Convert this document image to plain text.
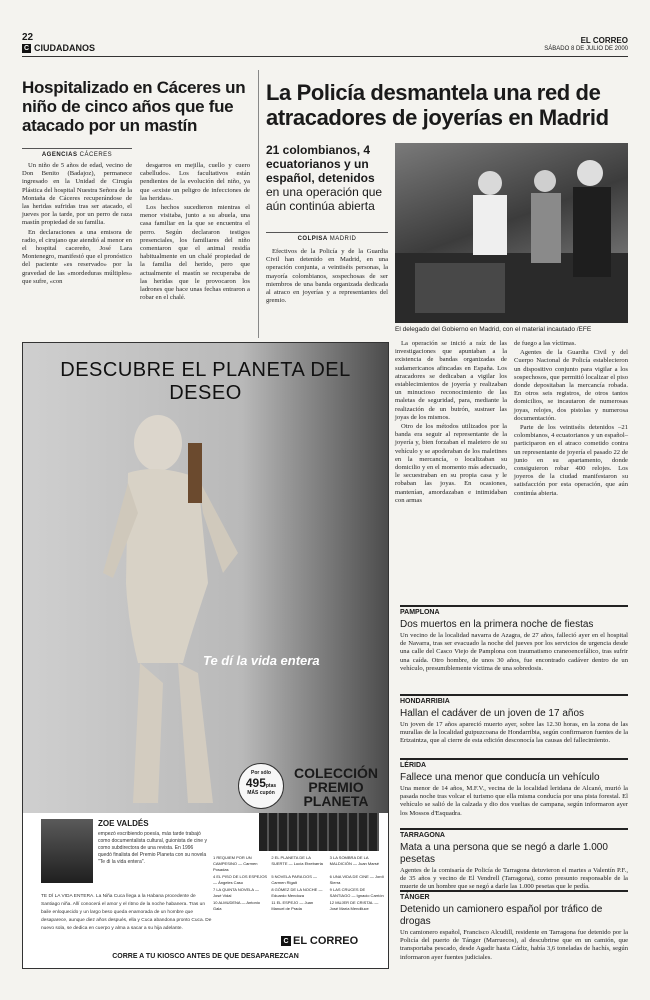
22
C CIUDADANOS
EL CORREO
SÁBADO 8 DE JULIO DE 2000
Hospitalizado en Cáceres un niño de cinco años que fue atacado por un mastín
AGENCIAS CÁCERES

Un niño de 5 años de edad, vecino de Don Benito (Badajoz), permanece ingresado en la Unidad de Cirugía Plástica del hospital Nuestra Señora de la Montaña de Cáceres recuperándose de las heridas sufridas tras ser atacado, el jueves por la tarde, por un perro de raza mastín propiedad de su familia.

En declaraciones a una emisora de radio, el cirujano que atendió al menor en el hospital cacereño, José Lara Montenegro, manifestó que el pronóstico del paciente «es reservado» por la gravedad de las «mordeduras múltiples» que sufre, «con

desgarros en mejilla, cuello y cuero cabelludo». Los facultativos están pendientes de la evolución del niño, ya que «existe un peligro de infecciones de las heridas».

Los hechos sucedieron mientras el menor visitaba, junto a su abuela, una casa familiar en la que se encuentra el perro. Según declararon testigos presenciales, los familiares del niño comentaron que el animal residía habitualmente en un chalé propiedad de la familia del herido, pero que actualmente el mastín se recuperaba de las heridas que le provocaron los ladrones que hace unas fechas entraron a robar en el chalé.

La Policía desmantela una red de atracadores de joyerías en Madrid
21 colombianos, 4 ecuatorianos y un español, detenidos en una operación que aún continúa abierta
COLPISA MADRID

Efectivos de la Policía y de la Guardia Civil han detenido en Madrid, en una operación conjunta, a veintiséis personas, la mayoría colombianos, sospechosas de ser miembros de una banda organizada dedicada al atraco en joyerías y a representantes del gremio.

El delegado del Gobierno en Madrid, con el material incautado /EFE

La operación se inició a raíz de las investigaciones que apuntaban a la existencia de bandas organizadas de sudamericanos afincadas en España. Los atracadores se dedicaban a vigilar los establecimientos de joyería y realizaban un minucioso reconocimiento de las maletas de seguridad, para, mediante la realización de un butrón, sustraer las joyas de los mismos.

Otro de los métodos utilizados por la banda era seguir al representante de la joyería y, bien forzaban el maletero de su vehículo y se apoderaban de los maletines en la mercancía, o localizaban su domicilio y en el momento más adecuado, le secuestraban en su propia casa y le robaban las joyas. En ocasiones, mantenían, amordazaban e intimidaban con armas

de fuego a las víctimas.

Agentes de la Guardia Civil y del Cuerpo Nacional de Policía establecieron un dispositivo conjunto para vigilar a los sospechosos, que permitió localizar el piso donde depositaban la mercancía robada. En otros seis registros, de otros tantos domicilios, se incautaron de numerosas joyas, relojes, dos pistolas y numerosa documentación.

Parte de los veintiséis detenidos –21 colombianos, 4 ecuatorianos y un español– participaron en el atraco cometido contra un representante de joyería el pasado 22 de junio en su apartamento, donde consiguieron robar 400 relojes. Los joyeros de la ciudad manifestaron su satisfacción por esta operación, que aún continúa abierta.

DESCUBRE EL PLANETA DEL DESEO
Te dí la vida entera
Por sólo
495ptas
MÁS cupón
COLECCIÓN PREMIO PLANETA
ZOE VALDÉS
empezó escribiendo poesía, más tarde trabajó como documentalista cultural, guionista de cine y como subdirectora de una revista. En 1996 quedó finalista del Premio Planeta con su novela "Te di la vida entera".
TE DÍ LA VIDA ENTERA. La Niña Cuca llega a la Habana procedente de Santiago niña. Allí conocerá el amor y el ritmo de la noche habanera. Tras un baile enloquecido y un largo beso queda enamorada de un hombre que desaparece, aunque diez años después, ella y Cuca abandona pronto Cuca. De nuevo sola, se dedica en cuerpo y alma a sacar a su hija adelante.
1 REQUIEM POR UN CAMPESINO — Carmen Posadas
2 EL PLANETA DE LA SUERTE — Lucía Etxebarria
3 LA SOMBRA DE LA MALDICIÓN — Juan Marsé
4 EL PISO DE LOS ESPEJOS — Ángeles Caso
5 NOVELA PARA DOS — Carmen Rigalt
6 UNA VIDA DE CINE — Jordi Sierra
7 LA QUINTA NOVELA — José Vidal
8 GÓMEZ DE LA NOCHE — Eduardo Mendoza
9 LAS CRUCES DE SANTIAGO — Ignacio Carrión
10 ALMUDENA — Antonio Gala
11 EL ESPEJO — Juan Manuel de Prada
12 MUJER DE CRISTAL — José María Mendiluce
C EL CORREO
CORRE A TU KIOSCO ANTES DE QUE DESAPAREZCAN
PAMPLONA
Dos muertos en la primera noche de fiestas
Un vecino de la localidad navarra de Azagra, de 27 años, falleció ayer en el hospital de Navarra, tras ser evacuado la noche del jueves por los servicios de urgencia desde una calle del Casco Viejo de Pamplona con traumatismo craneoencefálico, tras sufrir una caída. Otro hombre, de unos 30 años, fue encontrado cadáver dentro de un vehículo, presumiblemente víctima de una sobredosis.
HONDARRIBIA
Hallan el cadáver de un joven de 17 años
Un joven de 17 años apareció muerto ayer, sobre las 12.30 horas, en la zona de las murallas de la localidad guipuzcoana de Hondarribia, según confirmaron fuentes de la Ertzaintza, que al cierre de esta edición desconocía las causas del fallecimiento.
LÉRIDA
Fallece una menor que conducía un vehículo
Una menor de 14 años, M.F.V., vecina de la localidad leridana de Alcanó, murió la pasada noche tras volcar el turismo que ella misma conducía por una pista forestal. El vehículo se salió de la calzada y dio dos vueltas de campana, según informaron ayer los Mossos d'Esquadra.
TARRAGONA
Mata a una persona que se negó a darle 1.000 pesetas
Agentes de la comisaría de Policía de Tarragona detuvieron el martes a Valentín P.F., de 35 años y vecino de El Vendrell (Tarragona), como presunto responsable de la muerte de un hombre que se negó a darle las 1.000 pesetas que le pedía.
TÁNGER
Detenido un camionero español por tráfico de drogas
Un camionero español, Francisco Alcudill, residente en Tarragona fue detenido por la Policía del puerto de Tánger (Marruecos), al descubrirse que en un camión, que transportaba pescado, desde Agadir hasta Cádiz, había 3,6 toneladas de hachís, según informaron ayer fuentes judiciales.
